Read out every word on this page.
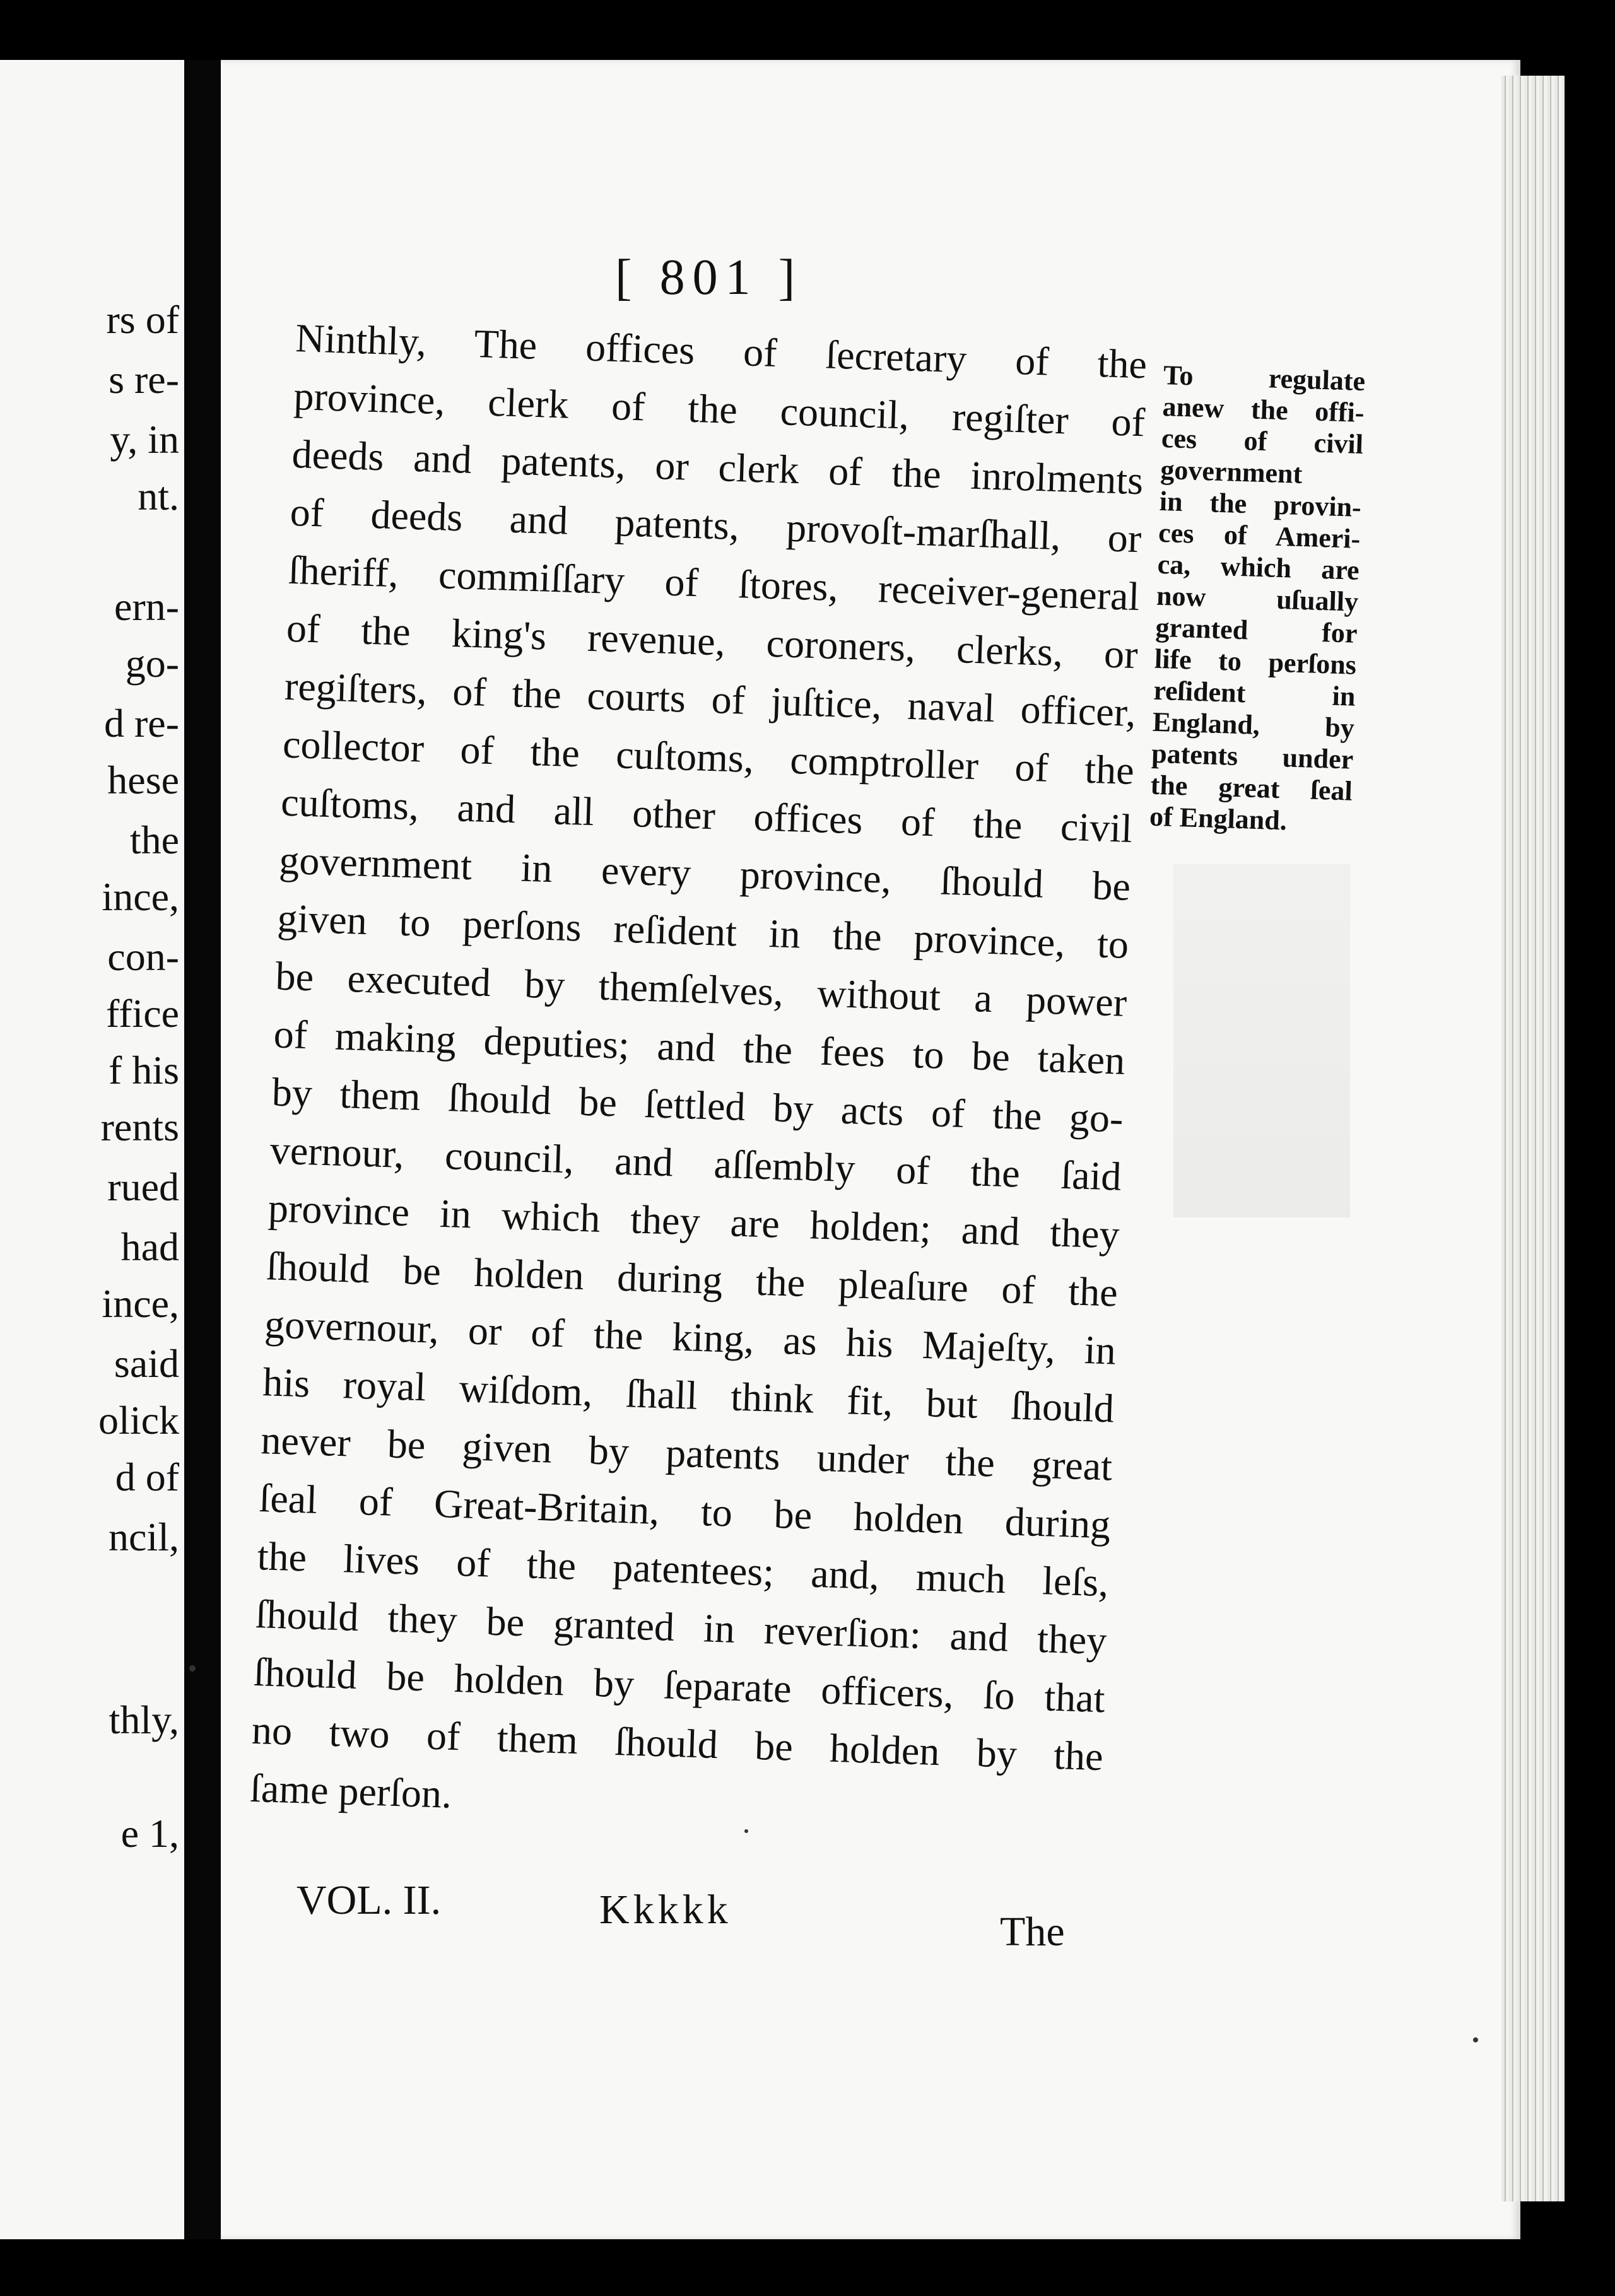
rs of
s re-
y, in
nt.
ern-
go-
d re-
hese
the
ince,
con-
ffice
f his
rents
rued
had
ince,
said
olick
d of
ncil,
thly,
e 1,
[ 801 ]
Ninthly, The offices of ſecretary of the
province, clerk of the council, regiſter of
deeds and patents, or clerk of the inrolments
of deeds and patents, provoſt-marſhall, or
ſheriff, commiſſary of ſtores, receiver-general
of the king's revenue, coroners, clerks, or
regiſters, of the courts of juſtice, naval officer,
collector of the cuſtoms, comptroller of the
cuſtoms, and all other offices of the civil
government in every province, ſhould be
given to perſons reſident in the province, to
be executed by themſelves, without a power
of making deputies; and the fees to be taken
by them ſhould be ſettled by acts of the go-
vernour, council, and aſſembly of the ſaid
province in which they are holden; and they
ſhould be holden during the pleaſure of the
governour, or of the king, as his Majeſty, in
his royal wiſdom, ſhall think fit, but ſhould
never be given by patents under the great
ſeal of Great-Britain, to be holden during
the lives of the patentees; and, much leſs,
ſhould they be granted in reverſion: and they
ſhould be holden by ſeparate officers, ſo that
no two of them ſhould be holden by the
ſame perſon.
To regulate
anew the offi-
ces of civil
government
in the provin-
ces of Ameri-
ca, which are
now uſually
granted for
life to perſons
reſident in
England, by
patents under
the great ſeal
of England.
VOL. II.	Kkkkk	The
